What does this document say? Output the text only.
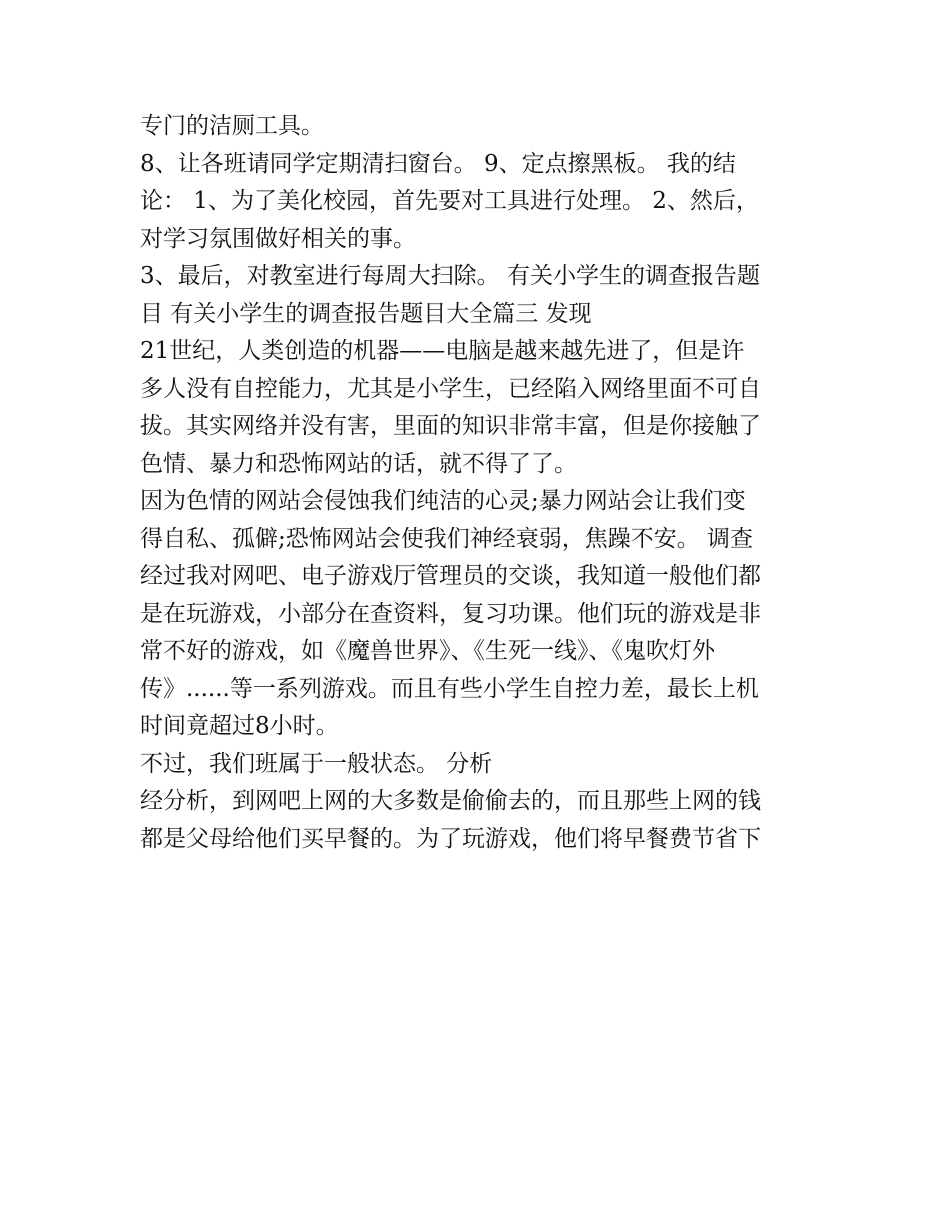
专门的洁厕工具。

8、让各班请同学定期清扫窗台。 9、定点擦黑板。 我的结

论： 1、为了美化校园，首先要对工具进行处理。 2、然后，

对学习氛围做好相关的事。

3、最后，对教室进行每周大扫除。 有关小学生的调查报告题

目 有关小学生的调查报告题目大全篇三 发现

21世纪，人类创造的机器——电脑是越来越先进了，但是许

多人没有自控能力，尤其是小学生，已经陷入网络里面不可自

拔。其实网络并没有害，里面的知识非常丰富，但是你接触了

色情、暴力和恐怖网站的话，就不得了了。

因为色情的网站会侵蚀我们纯洁的心灵;暴力网站会让我们变

得自私、孤僻;恐怖网站会使我们神经衰弱，焦躁不安。 调查

经过我对网吧、电子游戏厅管理员的交谈，我知道一般他们都

是在玩游戏，小部分在查资料，复习功课。他们玩的游戏是非

常不好的游戏，如《魔兽世界》、《生死一线》、《鬼吹灯外

传》......等一系列游戏。而且有些小学生自控力差，最长上机

时间竟超过8小时。

不过，我们班属于一般状态。 分析

经分析，到网吧上网的大多数是偷偷去的，而且那些上网的钱

都是父母给他们买早餐的。为了玩游戏，他们将早餐费节省下
